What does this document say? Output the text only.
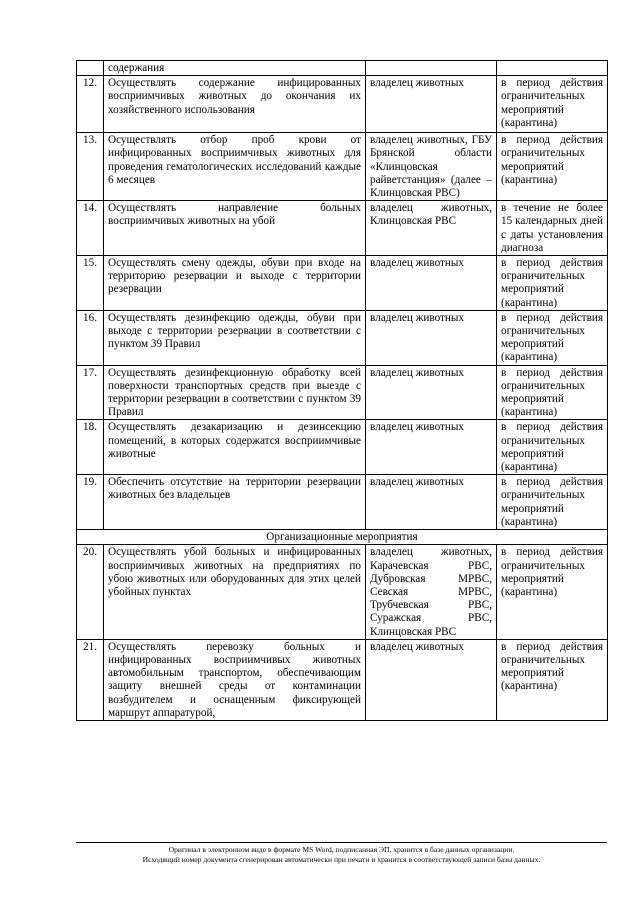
	содержания		
12.	Осуществлять содержание инфицированных восприимчивых животных до окончания их хозяйственного использования	владелец животных	в период действия ограничительных мероприятий (карантина)
13.	Осуществлять отбор проб крови от инфицированных восприимчивых животных для проведения гематологических исследований каждые 6 месяцев	владелец животных, ГБУ Брянской области «Клинцовская райветстанция» (далее – Клинцовская РВС)	в период действия ограничительных мероприятий (карантина)
14.	Осуществлять направление больных восприимчивых животных на убой	владелец животных, Клинцовская РВС	в течение не более 15 календарных дней с даты установления диагноза
15.	Осуществлять смену одежды, обуви при входе на территорию резервации и выходе с территории резервации	владелец животных	в период действия ограничительных мероприятий (карантина)
16.	Осуществлять дезинфекцию одежды, обуви при выходе с территории резервации в соответствии с пунктом 39 Правил	владелец животных	в период действия ограничительных мероприятий (карантина)
17.	Осуществлять дезинфекционную обработку всей поверхности транспортных средств при выезде с территории резервации в соответствии с пунктом 39 Правил	владелец животных	в период действия ограничительных мероприятий (карантина)
18.	Осуществлять дезакаризацию и дезинсекцию помещений, в которых содержатся восприимчивые животные	владелец животных	в период действия ограничительных мероприятий (карантина)
19.	Обеспечить отсутствие на территории резервации животных без владельцев	владелец животных	в период действия ограничительных мероприятий (карантина)
Организационные мероприятия			
20.	Осуществлять убой больных и инфицированных восприимчивых животных на предприятиях по убою животных или оборудованных для этих целей убойных пунктах	владелец животных, Карачевская РВС, Дубровская МРВС, Севская МРВС, Трубчевская РВС, Суражская РВС, Клинцовская РВС	в период действия ограничительных мероприятий (карантина)
21.	Осуществлять перевозку больных и инфицированных восприимчивых животных автомобильным транспортом, обеспечивающим защиту внешней среды от контаминации возбудителем и оснащенным фиксирующей маршрут аппаратурой,	владелец животных	в период действия ограничительных мероприятий (карантина)
Оригинал в электронном виде в формате MS Word, подписанная ЭП, хранится в базе данных организации.
Исходящий номер документа сгенерирован автоматически при печати и хранится в соответствующей записи базы данных.
